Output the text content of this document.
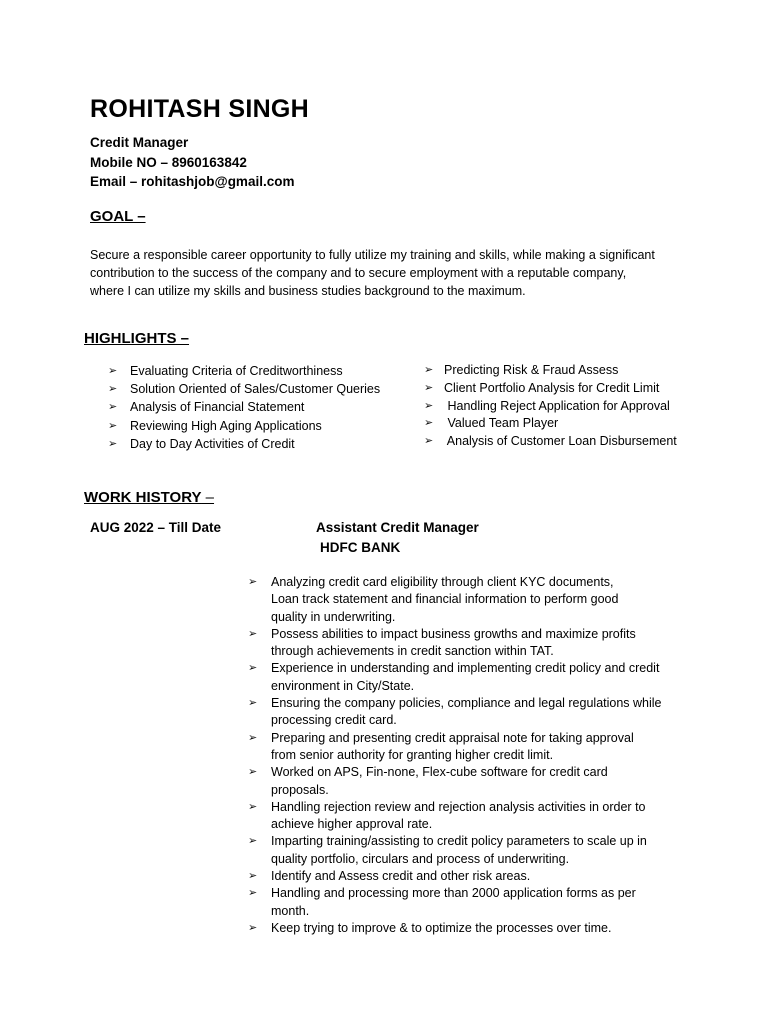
ROHITASH SINGH
Credit Manager
Mobile NO – 8960163842
Email – rohitashjob@gmail.com
GOAL –
Secure a responsible career opportunity to fully utilize my training and skills, while making a significant
contribution to the success of the company and to secure employment with a reputable company,
where I can utilize my skills and business studies background to the maximum.
HIGHLIGHTS –
➢ Evaluating Criteria of Creditworthiness
➢ Solution Oriented of Sales/Customer Queries
➢ Analysis of Financial Statement
➢ Reviewing High Aging Applications
➢ Day to Day Activities of Credit
➢ Predicting Risk & Fraud Assess
➢ Client Portfolio Analysis for Credit Limit
➢ Handling Reject Application for Approval
➢ Valued Team Player
➢ Analysis of Customer Loan Disbursement
WORK HISTORY –
AUG 2022 – Till Date	Assistant Credit Manager
HDFC BANK
➢ Analyzing credit card eligibility through client KYC documents,
Loan track statement and financial information to perform good
quality in underwriting.
➢ Possess abilities to impact business growths and maximize profits
through achievements in credit sanction within TAT.
➢ Experience in understanding and implementing credit policy and credit
environment in City/State.
➢ Ensuring the company policies, compliance and legal regulations while
processing credit card.
➢ Preparing and presenting credit appraisal note for taking approval
from senior authority for granting higher credit limit.
➢ Worked on APS, Fin-none, Flex-cube software for credit card
proposals.
➢ Handling rejection review and rejection analysis activities in order to
achieve higher approval rate.
➢ Imparting training/assisting to credit policy parameters to scale up in
quality portfolio, circulars and process of underwriting.
➢ Identify and Assess credit and other risk areas.
➢ Handling and processing more than 2000 application forms as per
month.
➢ Keep trying to improve & to optimize the processes over time.
